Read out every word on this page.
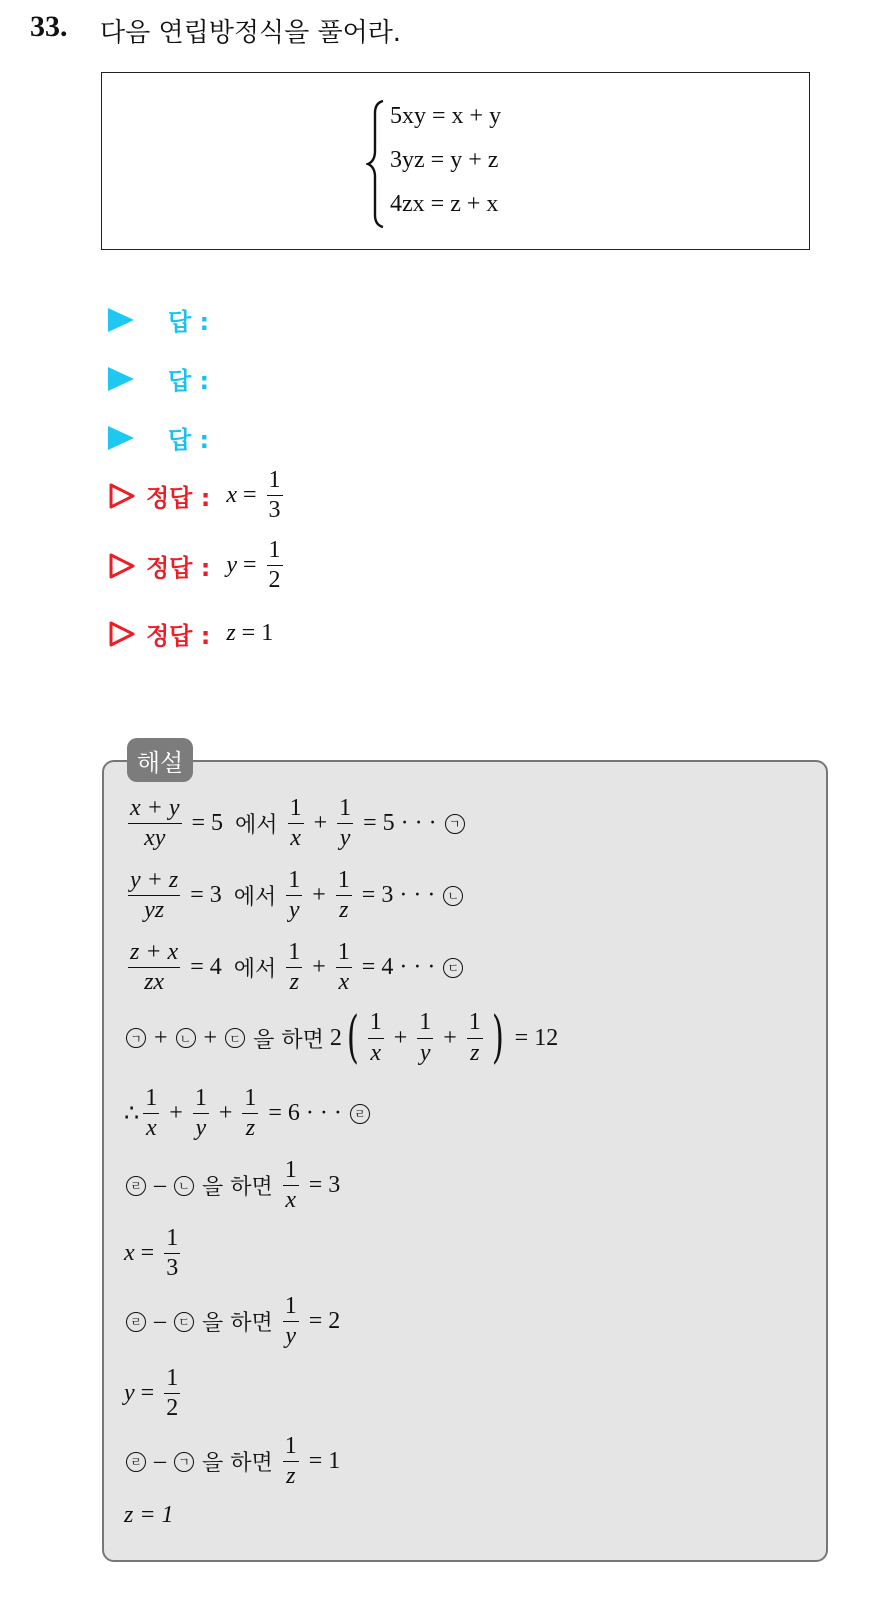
33. 다음 연립방정식을 풀어라.
5xy = x + y
3yz = y + z
4zx = z + x
답 :
답 :
답 :
정답 : $x = \frac{1}{3}$
정답 : $y = \frac{1}{2}$
정답 : z = 1
해설
$\frac{x + y}{xy} = 5$ 에서 $\frac{1}{x} + \frac{1}{y} = 5$ · · ·	ㄱ
$\frac{y + z}{yz} = 3$ 에서 $\frac{1}{y} + \frac{1}{z} = 3$ · · ·	ㄴ
$\frac{z + x}{zx} = 4$ 에서 $\frac{1}{z} + \frac{1}{x} = 4$ · · ·	ㄷ
ㄱ +	ㄴ +	ㄷ 을 하면 2 ( $\frac{1}{x} + \frac{1}{y} + \frac{1}{z}$ ) = 12
∴ $\frac{1}{x} + \frac{1}{y} + \frac{1}{z} = 6$ · · ·	ㄹ
ㄹ –	ㄴ 을 하면 $\frac{1}{x} = 3$
$x = \frac{1}{3}$
ㄹ –	ㄷ 을 하면 $\frac{1}{y} = 2$
$y = \frac{1}{2}$
ㄹ –	ㄱ 을 하면 $\frac{1}{z} = 1$
z = 1
